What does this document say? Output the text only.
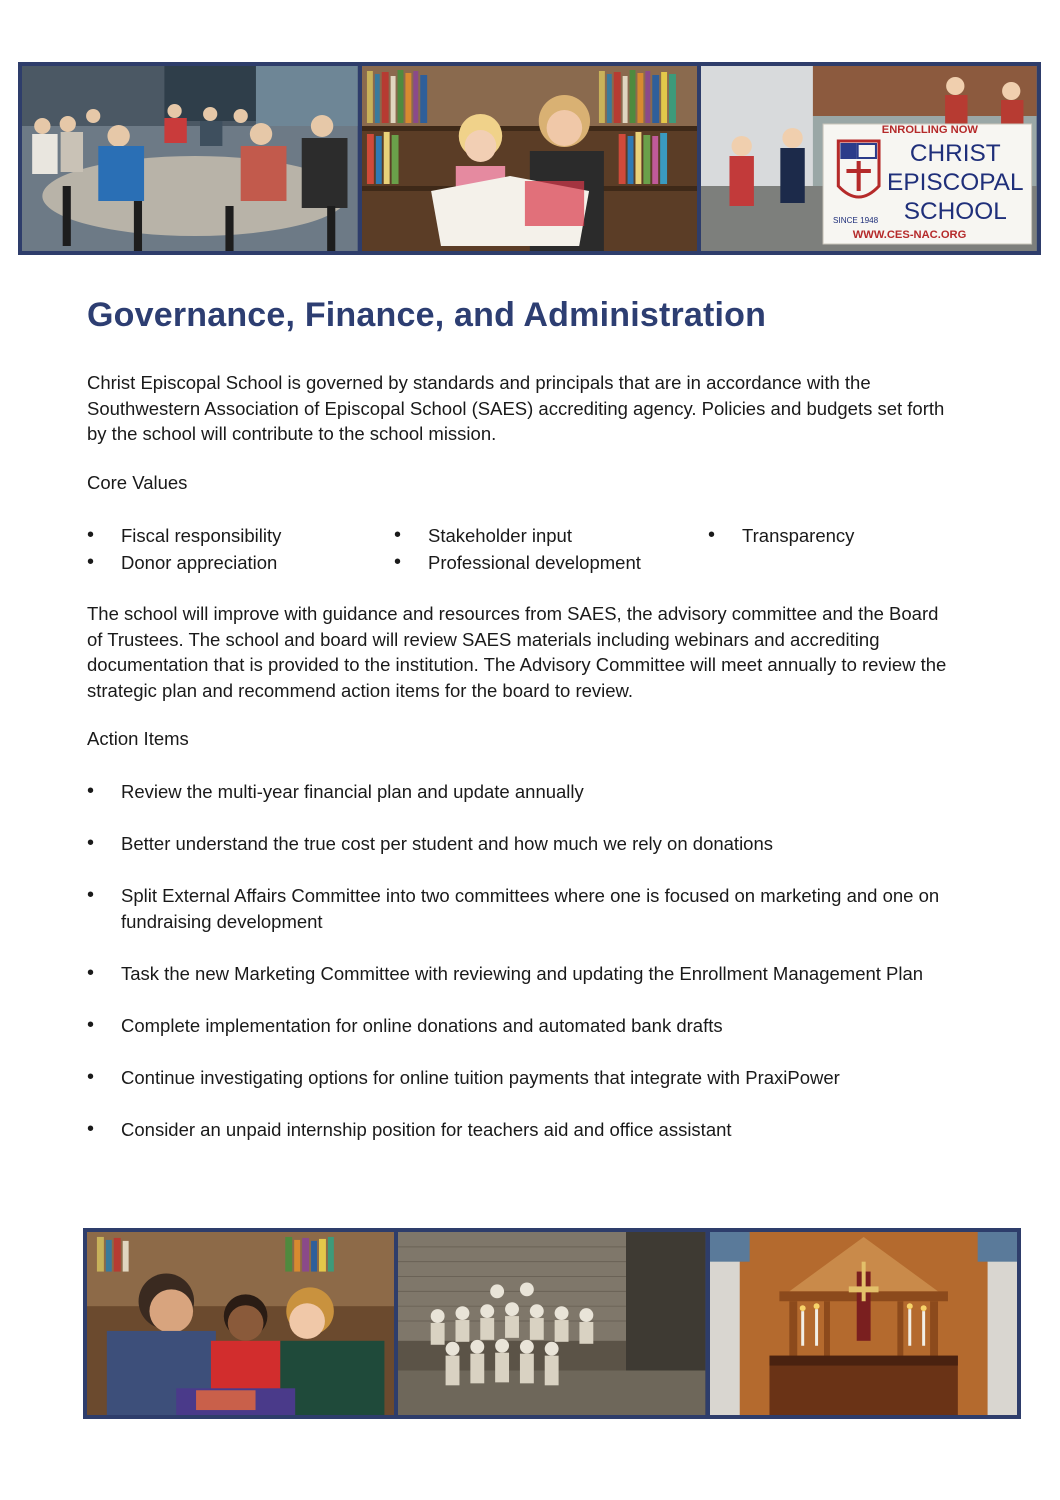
ENROLLING NOW
CHRIST
EPISCOPAL
SCHOOL
SINCE 1948
WWW.CES-NAC.ORG
Governance, Finance, and Administration

Christ Episcopal School is governed by standards and principals that are in accordance with the Southwestern Association of Episcopal School (SAES) accrediting agency. Policies and budgets set forth by the school will contribute to the school mission.

Core Values
• Fiscal responsibility
• Donor appreciation
• Stakeholder input
• Professional development
• Transparency

The school will improve with guidance and resources from SAES, the advisory committee and the Board of Trustees. The school and board will review SAES materials including webinars and accrediting documentation that is provided to the institution. The Advisory Committee will meet annually to review the strategic plan and recommend action items for the board to review.

Action Items
• Review the multi-year financial plan and update annually
• Better understand the true cost per student and how much we rely on donations
• Split External Affairs Committee into two committees where one is focused on marketing and one on fundraising development
• Task the new Marketing Committee with reviewing and updating the Enrollment Management Plan
• Complete implementation for online donations and automated bank drafts
• Continue investigating options for online tuition payments that integrate with PraxiPower
• Consider an unpaid internship position for teachers aid and office assistant
